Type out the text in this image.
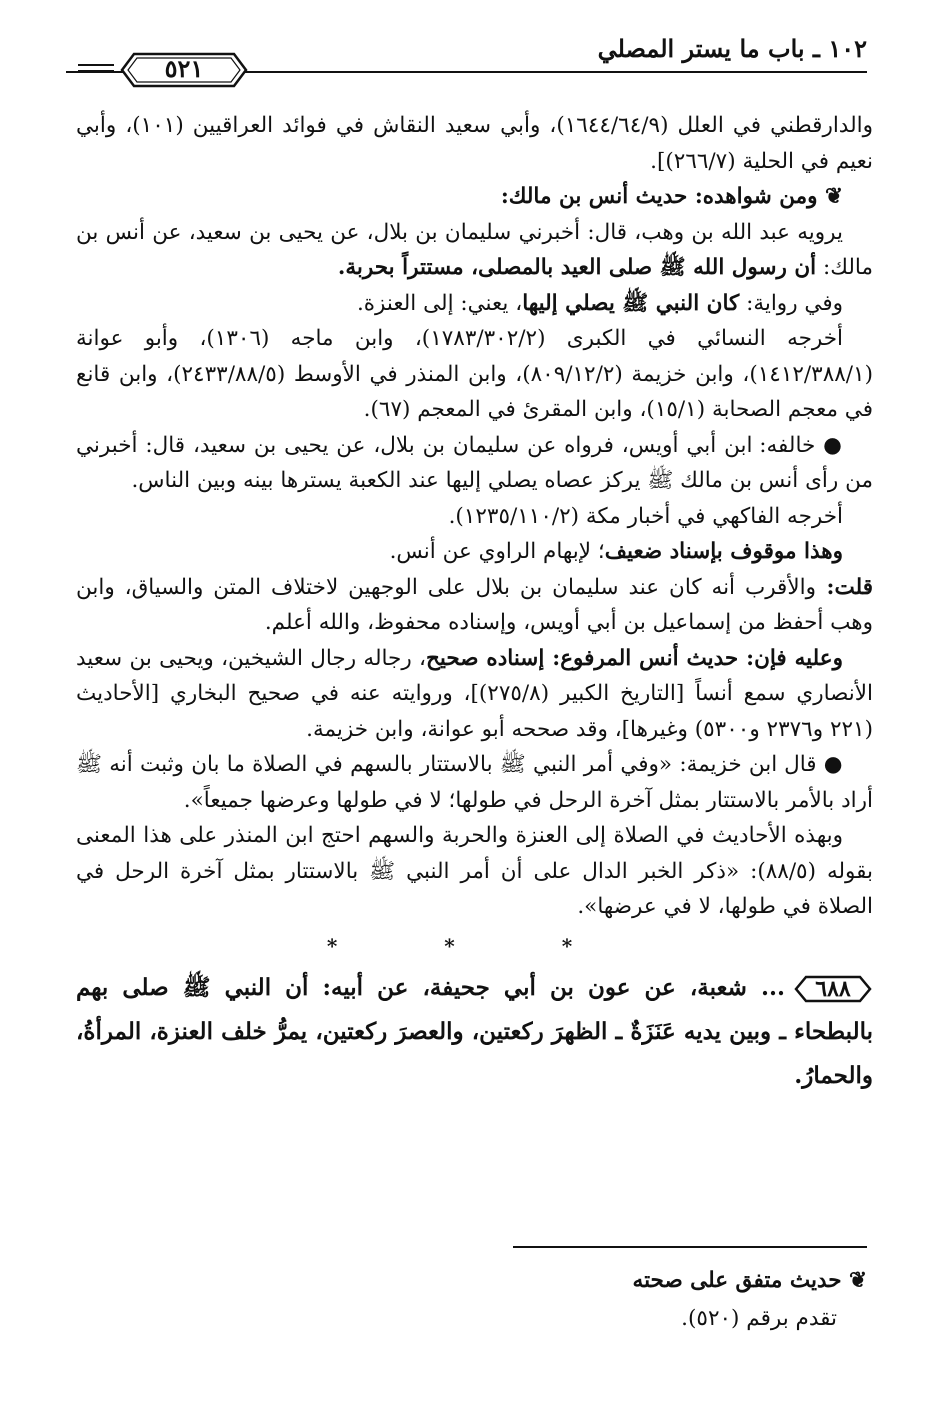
١٠٢ ـ باب ما يستر المصلي
٥٢١

والدارقطني في العلل (١٦٤٤/٦٤/٩)، وأبي سعيد النقاش في فوائد العراقيين (١٠١)، وأبي نعيم في الحلية (٢٦٦/٧)].

❦ ومن شواهده: حديث أنس بن مالك:

يرويه عبد الله بن وهب، قال: أخبرني سليمان بن بلال، عن يحيى بن سعيد، عن أنس بن مالك: أن رسول الله ﷺ صلى العيد بالمصلى، مستتراً بحربة.

وفي رواية: كان النبي ﷺ يصلي إليها، يعني: إلى العنزة.

أخرجه النسائي في الكبرى (١٧٨٣/٣٠٢/٢)، وابن ماجه (١٣٠٦)، وأبو عوانة (١٤١٢/٣٨٨/١)، وابن خزيمة (٨٠٩/١٢/٢)، وابن المنذر في الأوسط (٢٤٣٣/٨٨/٥)، وابن قانع في معجم الصحابة (١٥/١)، وابن المقرئ في المعجم (٦٧).

● خالفه: ابن أبي أويس، فرواه عن سليمان بن بلال، عن يحيى بن سعيد، قال: أخبرني من رأى أنس بن مالك ﷺ يركز عصاه يصلي إليها عند الكعبة يسترها بينه وبين الناس.

أخرجه الفاكهي في أخبار مكة (١٢٣٥/١١٠/٢).

وهذا موقوف بإسناد ضعيف؛ لإبهام الراوي عن أنس.

قلت: والأقرب أنه كان عند سليمان بن بلال على الوجهين لاختلاف المتن والسياق، وابن وهب أحفظ من إسماعيل بن أبي أويس، وإسناده محفوظ، والله أعلم.

وعليه فإن: حديث أنس المرفوع: إسناده صحيح، رجاله رجال الشيخين، ويحيى بن سعيد الأنصاري سمع أنساً [التاريخ الكبير (٢٧٥/٨)]، وروايته عنه في صحيح البخاري [الأحاديث (٢٢١ و٢٣٧٦ و٥٣٠٠) وغيرها]، وقد صححه أبو عوانة، وابن خزيمة.

● قال ابن خزيمة: «وفي أمر النبي ﷺ بالاستتار بالسهم في الصلاة ما بان وثبت أنه ﷺ أراد بالأمر بالاستتار بمثل آخرة الرحل في طولها؛ لا في طولها وعرضها جميعاً».

وبهذه الأحاديث في الصلاة إلى العنزة والحربة والسهم احتج ابن المنذر على هذا المعنى بقوله (٨٨/٥): «ذكر الخبر الدال على أن أمر النبي ﷺ بالاستتار بمثل آخرة الرحل في الصلاة في طولها، لا في عرضها».

* * *

٦٨٨
... شعبة، عن عون بن أبي جحيفة، عن أبيه: أن النبي ﷺ صلى بهم بالبطحاء ـ وبين يديه عَنَزَةٌ ـ الظهرَ ركعتين، والعصرَ ركعتين، يمرُّ خلف العنزة، المرأةُ، والحمارُ.

❦ حديث متفق على صحته

تقدم برقم (٥٢٠).
